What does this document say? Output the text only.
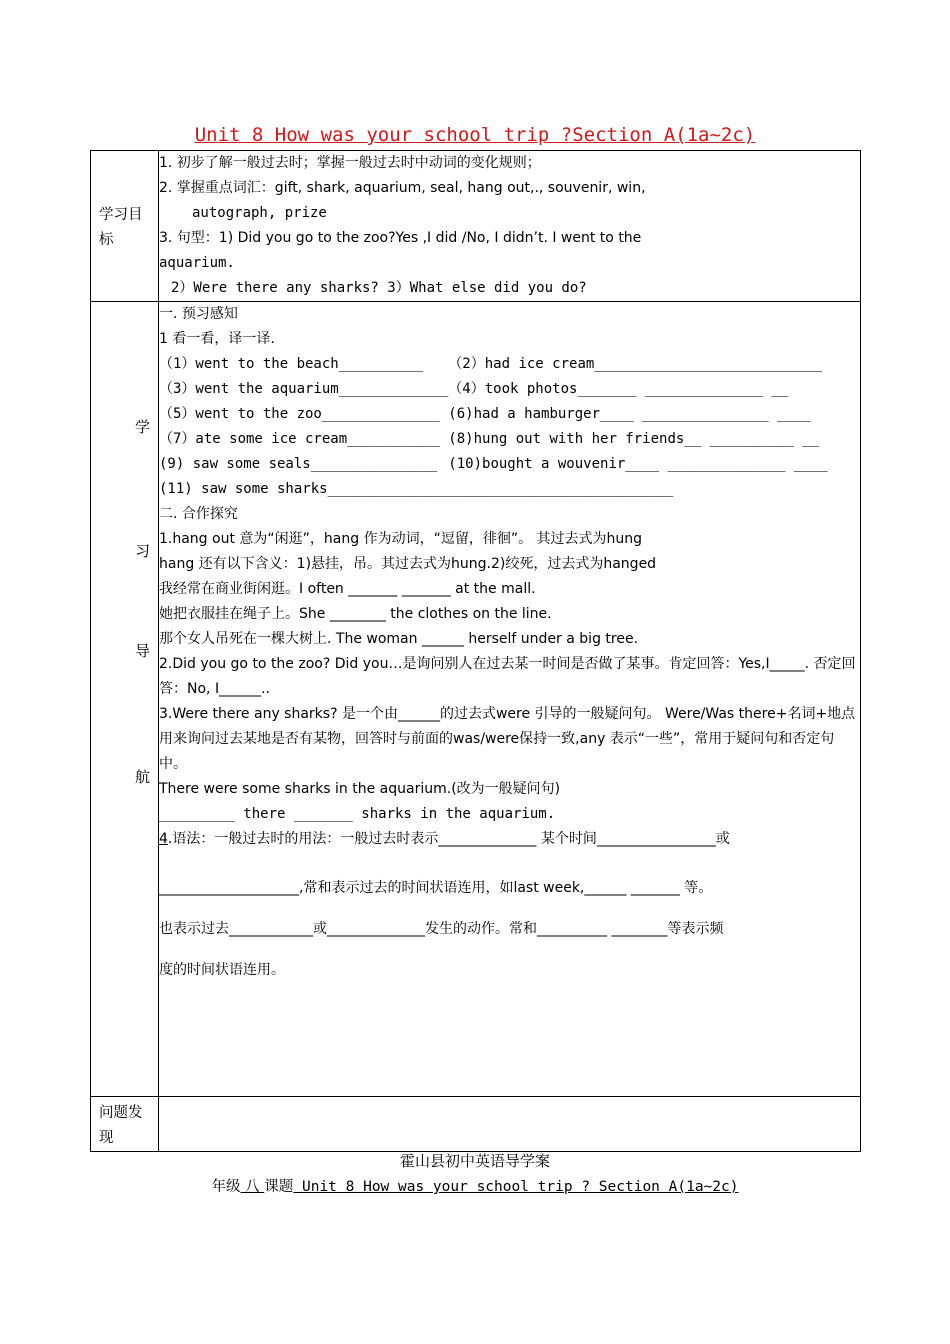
Unit 8 How was your school trip ?Section A(1a~2c)
学习目标

1. 初步了解一般过去时；掌握一般过去时中动词的变化规则；
2. 掌握重点词汇：gift, shark, aquarium, seal, hang out,., souvenir, win,
autograph, prize
3. 句型：1) Did you go to the zoo?Yes ,I did /No, I didn’t. I went to the
aquarium.
2）Were there any sharks? 3）What else did you do?

学
习
导
航

一. 预习感知
1 看一看，译一译.
（1）went to the beach__________	（2）had ice cream___________________________
（3）went the aquarium_____________	（4）took photos_______ ______________ __
（5）went to the zoo______________	(6)had a hamburger____ _______________ ____
（7）ate some ice cream___________	(8)hung out with her friends__ __________ __
(9) saw some seals_______________	(10)bought a wouvenir____ ______________ ____
(11) saw some sharks_________________________________________
二. 合作探究
1.hang out 意为“闲逛”，hang 作为动词，“逗留，徘徊”。 其过去式为hung
hang 还有以下含义：1)悬挂，吊。其过去式为hung.2)绞死，过去式为hanged
我经常在商业街闲逛。I often _______ _______ at the mall.
她把衣服挂在绳子上。She ________ the clothes on the line.
那个女人吊死在一棵大树上. The woman ______ herself under a big tree.
2.Did you go to the zoo? Did you…是询问别人在过去某一时间是否做了某事。肯定回答：Yes,I_____. 否定回答：No, I______..
3.Were there any sharks? 是一个由______的过去式were 引导的一般疑问句。 Were/Was there+名词+地点用来询问过去某地是否有某物，回答时与前面的was/were保持一致,any 表示“一些”，常用于疑问句和否定句中。
There were some sharks in the aquarium.(改为一般疑问句)
_________ there _______ sharks in the aquarium.
4.语法：一般过去时的用法：一般过去时表示______________ 某个时间_________________或
____________________,常和表示过去的时间状语连用，如last week,______ _______ 等。
也表示过去____________或______________发生的动作。常和__________ ________等表示频
度的时间状语连用。

问题发现

霍山县初中英语导学案
年级 八 课题 Unit 8 How was your school trip ? Section A(1a~2c)
